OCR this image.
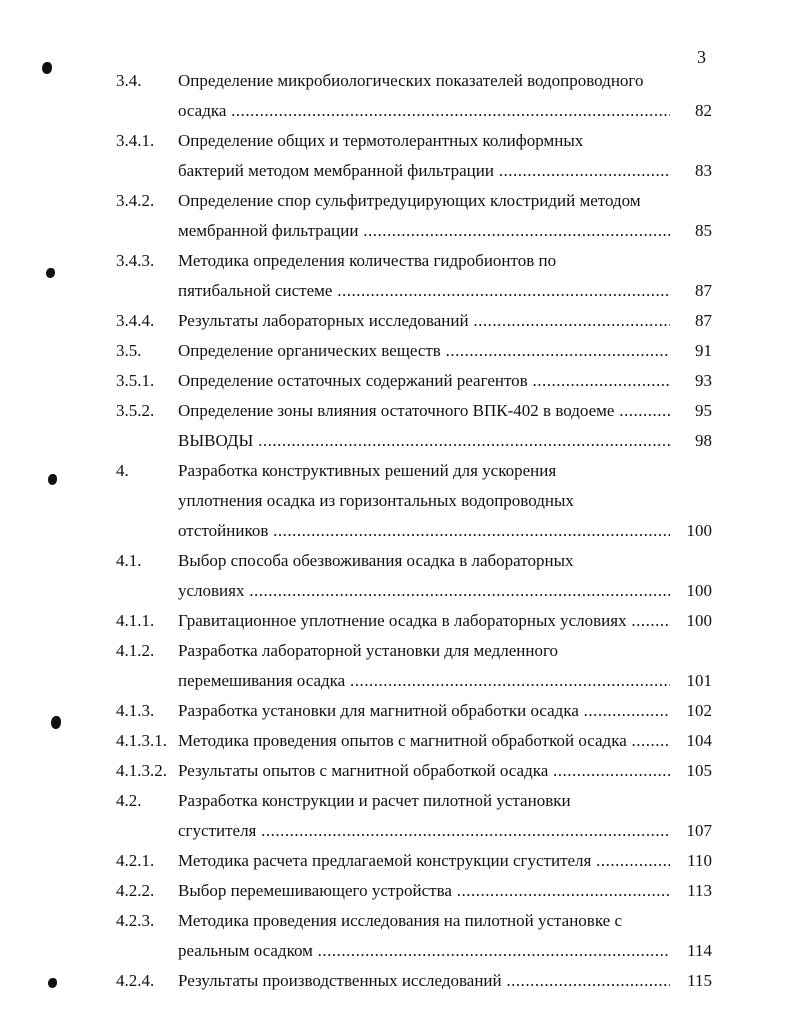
3
3.4. Определение микробиологических показателей водопроводного
осадка .....	82
3.4.1. Определение общих и термотолерантных колиформных
бактерий методом мембранной фильтрации .....	83
3.4.2. Определение спор сульфитредуцирующих клостридий методом
мембранной фильтрации .....	85
3.4.3. Методика определения количества гидробионтов по
пятибальной системе .....	87
3.4.4. Результаты лабораторных исследований .....	87
3.5. Определение органических веществ .....	91
3.5.1. Определение остаточных содержаний реагентов .....	93
3.5.2. Определение зоны влияния остаточного ВПК-402 в водоеме .....	95
ВЫВОДЫ .....	98
4.	Разработка конструктивных решений для ускорения
уплотнения осадка из горизонтальных водопроводных
отстойников .....	100
4.1. Выбор способа обезвоживания осадка в лабораторных
условиях .....	100
4.1.1. Гравитационное уплотнение осадка в лабораторных условиях .....	100
4.1.2. Разработка лабораторной установки для медленного
перемешивания осадка .....	101
4.1.3. Разработка установки для магнитной обработки осадка .....	102
4.1.3.1. Методика проведения опытов с магнитной обработкой осадка .....	104
4.1.3.2. Результаты опытов с магнитной обработкой осадка .....	105
4.2. Разработка конструкции и расчет пилотной установки
сгустителя .....	107
4.2.1. Методика расчета предлагаемой конструкции сгустителя .....	110
4.2.2. Выбор перемешивающего устройства .....	113
4.2.3. Методика проведения исследования на пилотной установке с
реальным осадком .....	114
4.2.4. Результаты производственных исследований .....	115
